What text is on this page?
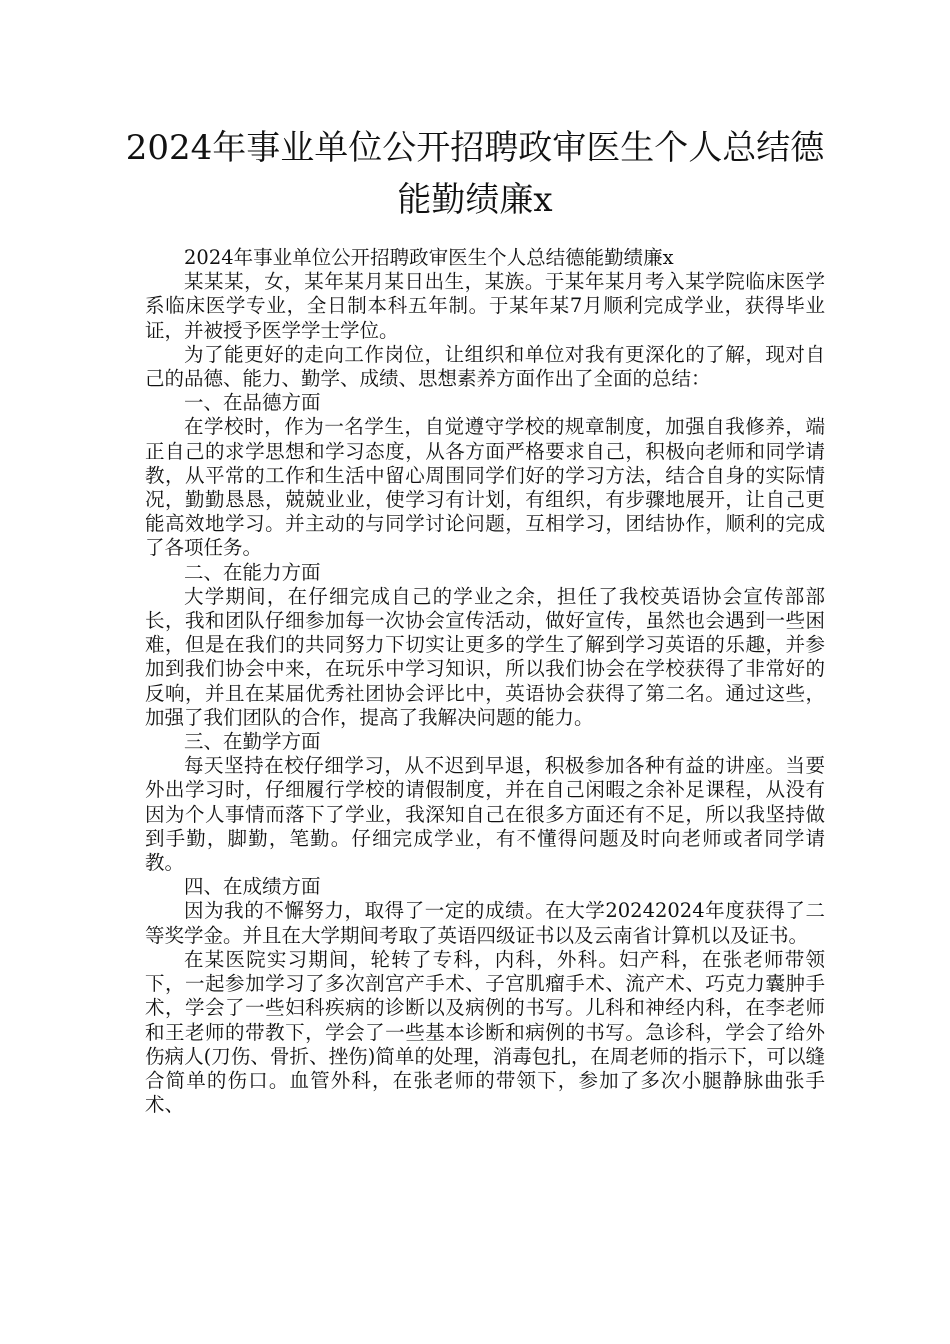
2024年事业单位公开招聘政审医生个人总结德能勤绩廉x

2024年事业单位公开招聘政审医生个人总结德能勤绩廉x

某某某，女，某年某月某日出生，某族。于某年某月考入某学院临床医学系临床医学专业，全日制本科五年制。于某年某7月顺利完成学业，获得毕业证，并被授予医学学士学位。

为了能更好的走向工作岗位，让组织和单位对我有更深化的了解，现对自己的品德、能力、勤学、成绩、思想素养方面作出了全面的总结：

一、在品德方面

在学校时，作为一名学生，自觉遵守学校的规章制度，加强自我修养，端正自己的求学思想和学习态度，从各方面严格要求自己，积极向老师和同学请教，从平常的工作和生活中留心周围同学们好的学习方法，结合自身的实际情况，勤勤恳恳，兢兢业业，使学习有计划，有组织，有步骤地展开，让自己更能高效地学习。并主动的与同学讨论问题，互相学习，团结协作，顺利的完成了各项任务。

二、在能力方面

大学期间，在仔细完成自己的学业之余，担任了我校英语协会宣传部部长，我和团队仔细参加每一次协会宣传活动，做好宣传，虽然也会遇到一些困难，但是在我们的共同努力下切实让更多的学生了解到学习英语的乐趣，并参加到我们协会中来，在玩乐中学习知识，所以我们协会在学校获得了非常好的反响，并且在某届优秀社团协会评比中，英语协会获得了第二名。通过这些，加强了我们团队的合作，提高了我解决问题的能力。

三、在勤学方面

每天坚持在校仔细学习，从不迟到早退，积极参加各种有益的讲座。当要外出学习时，仔细履行学校的请假制度，并在自己闲暇之余补足课程，从没有因为个人事情而落下了学业，我深知自己在很多方面还有不足，所以我坚持做到手勤，脚勤，笔勤。仔细完成学业，有不懂得问题及时向老师或者同学请教。

四、在成绩方面

因为我的不懈努力，取得了一定的成绩。在大学20242024年度获得了二等奖学金。并且在大学期间考取了英语四级证书以及云南省计算机以及证书。

在某医院实习期间，轮转了专科，内科，外科。妇产科，在张老师带领下，一起参加学习了多次剖宫产手术、子宫肌瘤手术、流产术、巧克力囊肿手术，学会了一些妇科疾病的诊断以及病例的书写。儿科和神经内科，在李老师和王老师的带教下，学会了一些基本诊断和病例的书写。急诊科，学会了给外伤病人(刀伤、骨折、挫伤)简单的处理，消毒包扎，在周老师的指示下，可以缝合简单的伤口。血管外科，在张老师的带领下，参加了多次小腿静脉曲张手术、
